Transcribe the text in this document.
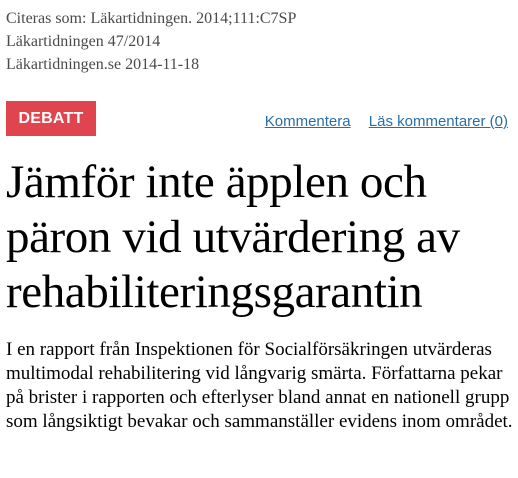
Citeras som: Läkartidningen. 2014;111:C7SP
Läkartidningen 47/2014
Läkartidningen.se 2014-11-18
DEBATT	Kommentera Läs kommentarer (0)
Jämför inte äpplen och päron vid utvärdering av rehabiliteringsgarantin

I en rapport från Inspektionen för Socialförsäkringen utvärderas multimodal rehabilitering vid långvarig smärta. Författarna pekar på brister i rapporten och efterlyser bland annat en nationell grupp som långsiktigt bevakar och sammanställer evidens inom området.
